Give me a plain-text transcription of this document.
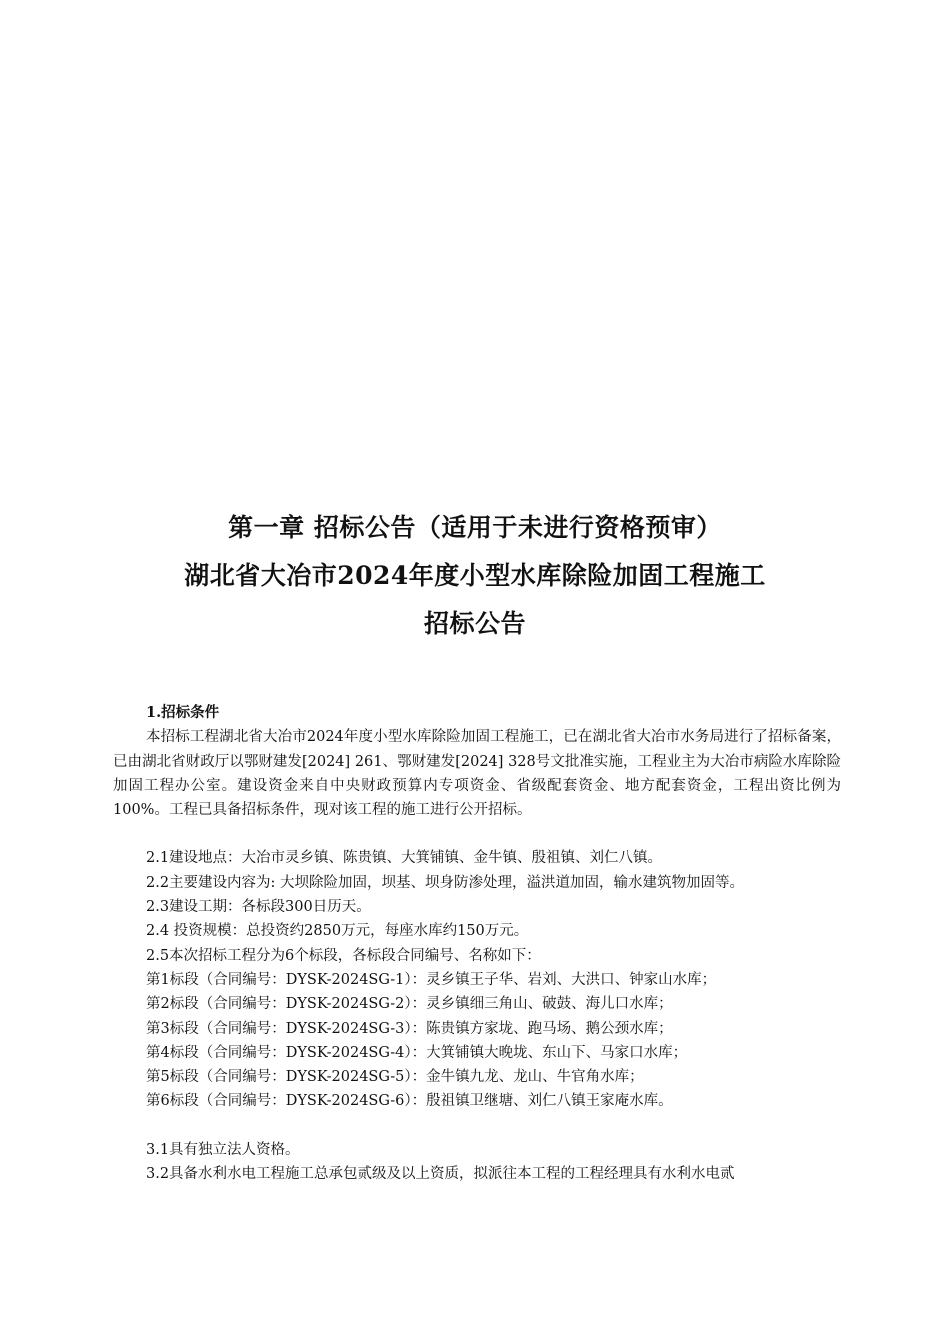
第一章 招标公告（适用于未进行资格预审）
湖北省大冶市2024年度小型水库除险加固工程施工
招标公告

1.招标条件

本招标工程湖北省大冶市2024年度小型水库除险加固工程施工，已在湖北省大冶市水务局进行了招标备案，已由湖北省财政厅以鄂财建发[2024] 261、鄂财建发[2024] 328号文批准实施，工程业主为大冶市病险水库除险加固工程办公室。建设资金来自中央财政预算内专项资金、省级配套资金、地方配套资金，工程出资比例为100%。工程已具备招标条件，现对该工程的施工进行公开招标。

2.1建设地点：大冶市灵乡镇、陈贵镇、大箕铺镇、金牛镇、殷祖镇、刘仁八镇。

2.2主要建设内容为: 大坝除险加固，坝基、坝身防渗处理，溢洪道加固，输水建筑物加固等。

2.3建设工期：各标段300日历天。

2.4 投资规模：总投资约2850万元，每座水库约150万元。

2.5本次招标工程分为6个标段，各标段合同编号、名称如下：

第1标段（合同编号：DYSK-2024SG-1）：灵乡镇王子华、岩刘、大洪口、钟家山水库；

第2标段（合同编号：DYSK-2024SG-2）：灵乡镇细三角山、破鼓、海儿口水库；

第3标段（合同编号：DYSK-2024SG-3）：陈贵镇方家垅、跑马场、鹅公颈水库；

第4标段（合同编号：DYSK-2024SG-4）：大箕铺镇大晚垅、东山下、马家口水库；

第5标段（合同编号：DYSK-2024SG-5）：金牛镇九龙、龙山、牛官角水库；

第6标段（合同编号：DYSK-2024SG-6）：殷祖镇卫继塘、刘仁八镇王家庵水库。

3.1具有独立法人资格。

3.2具备水利水电工程施工总承包贰级及以上资质，拟派往本工程的工程经理具有水利水电贰
